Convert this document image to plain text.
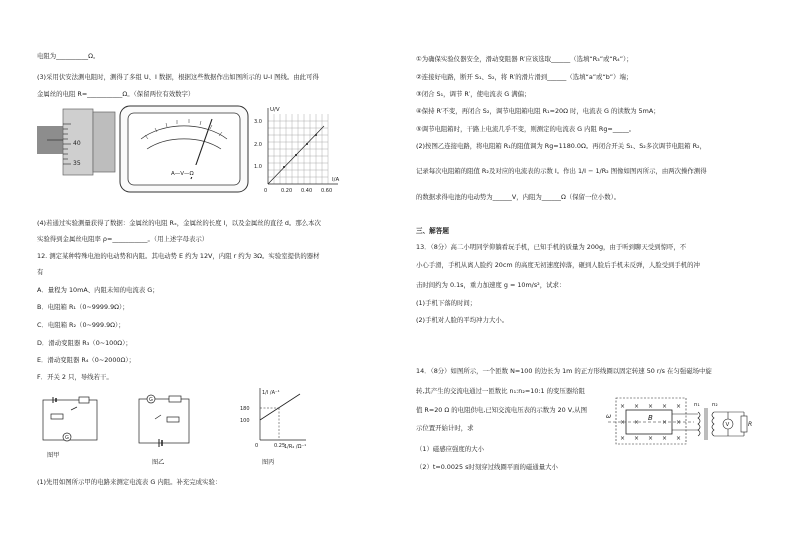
电阻为__________Ω。
(3)采用伏安法测电阻时，测得了多组 U、I 数据，根据这些数据作出如图所示的 U-I 图线。由此可得
金属丝的电阻 R=___________Ω。（保留两位有效数字）
40
35
A—V—Ω
U/V
I/A
3.0
2.0
1.0
0	0.20 0.40 0.60
(4)若通过实验测量获得了数据：金属丝的电阻 Rₓ，金属丝的长度 l，以及金属丝的直径 d。那么本次
实验得到金属丝电阻率 ρ=___________。（用上述字母表示）
12. 测定某种特殊电池的电动势和内阻。其电动势 E 约为 12V，内阻 r 约为 3Ω。实验室提供的器材
有
A．量程为 10mA、内阻未知的电流表 G；
B．电阻箱 R₁（0~9999.9Ω）；
C．电阻箱 R₂（0~999.9Ω）；
D．滑动变阻器 R₃（0~100Ω）；
E．滑动变阻器 R₄（0~2000Ω）；
F．开关 2 只，导线若干。
G
G
1/I /A⁻¹
1/R₂ /Ω⁻¹
180
100
0	0.25
图甲
图乙	图丙
(1)先用如图所示甲的电路来测定电流表 G 内阻。补充完成实验：
①为确保实验仪器安全，滑动变阻器 R′应该选取______（选填“R₃”或“R₄”）；
②连接好电路，断开 S₁、S₂，将 R′的滑片滑到______（选填“a”或“b”）端；
③闭合 S₁，调节 R′，使电流表 G 满偏；
④保持 R′不变，再闭合 S₂，调节电阻箱电阻 R₁=20Ω 时，电流表 G 的读数为 5mA；
⑤调节电阻箱时，干路上电流几乎不变，则测定的电流表 G 内阻 Rg=_____。
(2)按图乙连接电路，将电阻箱 R₁的阻值调为 Rg=1180.0Ω。再闭合开关 S₁、S₂多次调节电阻箱 R₂，
记录每次电阻箱的阻值 R₂及对应的电流表的示数 I。作出 1/I − 1/R₂ 图像如图丙所示，由两次操作测得
的数据求得电池的电动势为______V，内阻为______Ω（保留一位小数）。
三、解答题
13．（8分）高二小明同学仰躺看玩手机，已知手机的质量为 200g，由于听到聊天受到惊吓，不
小心手滑，手机从离人脸约 20cm 的高度无初速度掉落，砸到人脸后手机未反弹，人脸受到手机的冲
击时间约为 0.1s，重力加速度 g = 10m/s²，试求：
(1)手机下落的时间；
(2)手机对人脸的平均冲力大小。
14．（8分）如图所示，一个匝数 N=100 的边长为 1m 的正方形线圈以固定转速 50 r/s 在匀强磁场中旋
转,其产生的交流电通过一匝数比 n₁:n₂=10:1 的变压器给阻
值 R=20 Ω 的电阻供电,已知交流电压表的示数为 20 V,从图
示位置开始计时，求
（1）磁感应强度的大小
（2）t=0.0025 s时刻穿过线圈平面的磁通量大小
× × × × ×
× ×	× ×
× × × × ×
B
ω
n₁ n₂
V	R
